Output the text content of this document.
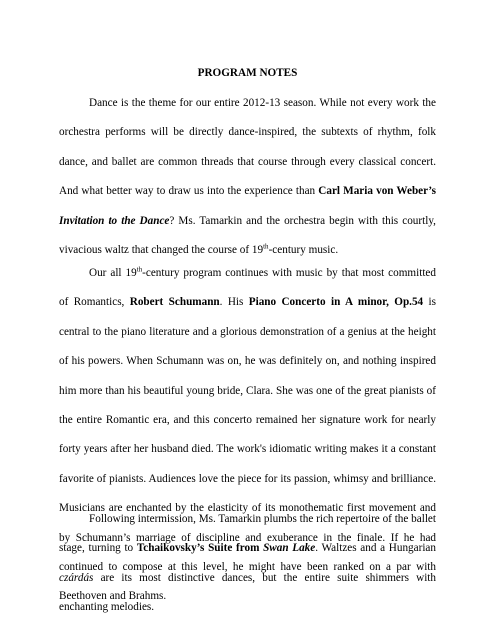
PROGRAM NOTES

Dance is the theme for our entire 2012-13 season. While not every work the orchestra performs will be directly dance-inspired, the subtexts of rhythm, folk dance, and ballet are common threads that course through every classical concert. And what better way to draw us into the experience than Carl Maria von Weber’s Invitation to the Dance? Ms. Tamarkin and the orchestra begin with this courtly, vivacious waltz that changed the course of 19th-century music.

Our all 19th-century program continues with music by that most committed of Romantics, Robert Schumann. His Piano Concerto in A minor, Op.54 is central to the piano literature and a glorious demonstration of a genius at the height of his powers. When Schumann was on, he was definitely on, and nothing inspired him more than his beautiful young bride, Clara. She was one of the great pianists of the entire Romantic era, and this concerto remained her signature work for nearly forty years after her husband died. The work's idiomatic writing makes it a constant favorite of pianists. Audiences love the piece for its passion, whimsy and brilliance. Musicians are enchanted by the elasticity of its monothematic first movement and by Schumann’s marriage of discipline and exuberance in the finale. If he had continued to compose at this level, he might have been ranked on a par with Beethoven and Brahms.

Following intermission, Ms. Tamarkin plumbs the rich repertoire of the ballet stage, turning to Tchaikovsky’s Suite from Swan Lake. Waltzes and a Hungarian czárdás are its most distinctive dances, but the entire suite shimmers with enchanting melodies.
